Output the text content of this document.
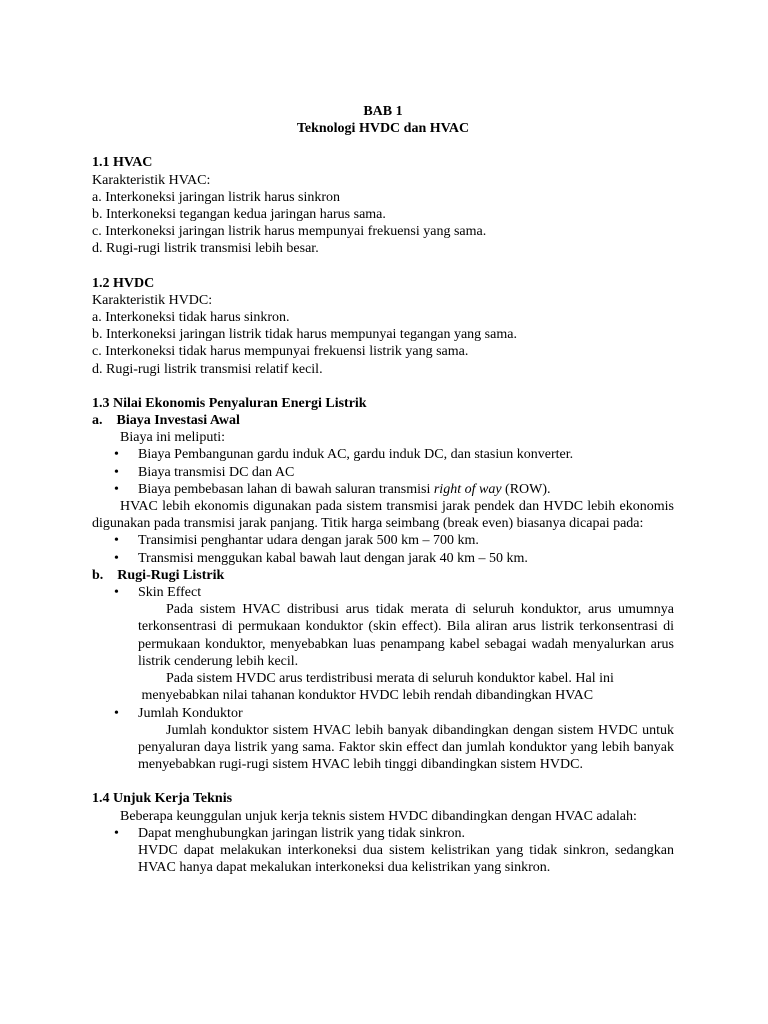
BAB 1
Teknologi HVDC dan HVAC
1.1 HVAC
Karakteristik HVAC:
a. Interkoneksi jaringan listrik harus sinkron
b. Interkoneksi tegangan kedua jaringan harus sama.
c. Interkoneksi jaringan listrik harus mempunyai frekuensi yang sama.
d. Rugi-rugi listrik transmisi lebih besar.
1.2 HVDC
Karakteristik HVDC:
a. Interkoneksi tidak harus sinkron.
b. Interkoneksi jaringan listrik tidak harus mempunyai tegangan yang sama.
c. Interkoneksi tidak harus mempunyai frekuensi listrik yang sama.
d. Rugi-rugi listrik transmisi relatif kecil.
1.3 Nilai Ekonomis Penyaluran Energi Listrik
a.    Biaya Investasi Awal
Biaya ini meliputi:
• Biaya Pembangunan gardu induk AC, gardu induk DC, dan stasiun konverter.
• Biaya transmisi DC dan AC
• Biaya pembebasan lahan di bawah saluran transmisi right of way (ROW).
HVAC lebih ekonomis digunakan pada sistem transmisi jarak pendek dan HVDC lebih ekonomis digunakan pada transmisi jarak panjang. Titik harga seimbang (break even) biasanya dicapai pada:
• Transimisi penghantar udara dengan jarak 500 km – 700 km.
• Transmisi menggukan kabal bawah laut dengan jarak 40 km – 50 km.
b.    Rugi-Rugi Listrik
• Skin Effect
Pada sistem HVAC distribusi arus tidak merata di seluruh konduktor, arus umumnya terkonsentrasi di permukaan konduktor (skin effect). Bila aliran arus listrik terkonsentrasi di permukaan konduktor, menyebabkan luas penampang kabel sebagai wadah menyalurkan arus listrik cenderung lebih kecil.
Pada sistem HVDC arus terdistribusi merata di seluruh konduktor kabel. Hal ini
menyebabkan nilai tahanan konduktor HVDC lebih rendah dibandingkan HVAC
• Jumlah Konduktor
Jumlah konduktor sistem HVAC lebih banyak dibandingkan dengan sistem HVDC untuk penyaluran daya listrik yang sama. Faktor skin effect dan jumlah konduktor yang lebih banyak menyebabkan rugi-rugi sistem HVAC lebih tinggi dibandingkan sistem HVDC.
1.4 Unjuk Kerja Teknis
Beberapa keunggulan unjuk kerja teknis sistem HVDC dibandingkan dengan HVAC adalah:
• Dapat menghubungkan jaringan listrik yang tidak sinkron.
HVDC dapat melakukan interkoneksi dua sistem kelistrikan yang tidak sinkron, sedangkan HVAC hanya dapat mekalukan interkoneksi dua kelistrikan yang sinkron.
